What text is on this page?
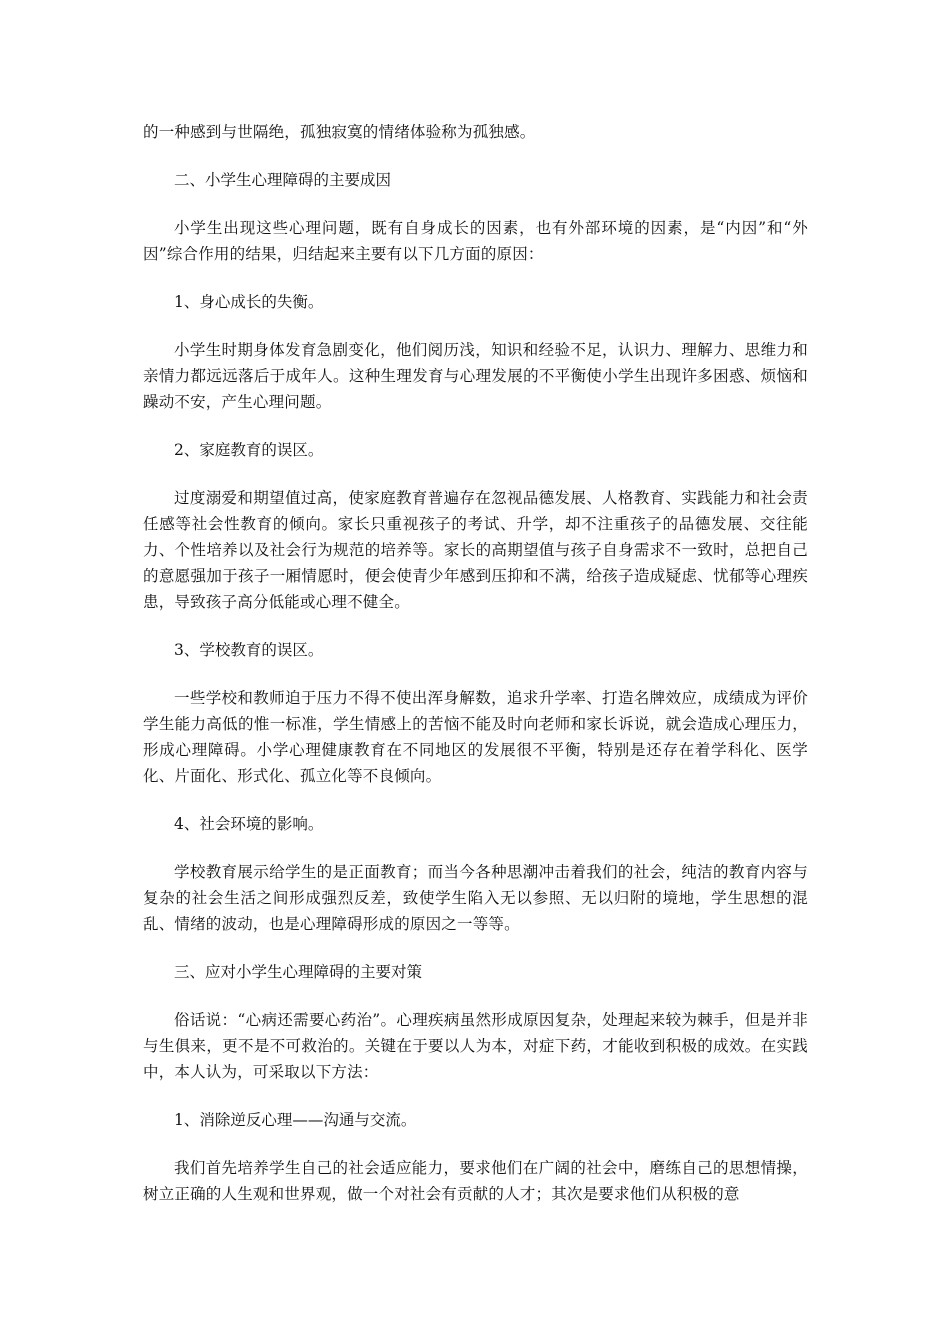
的一种感到与世隔绝，孤独寂寞的情绪体验称为孤独感。

二、小学生心理障碍的主要成因

小学生出现这些心理问题，既有自身成长的因素，也有外部环境的因素，是“内因”和“外因”综合作用的结果，归结起来主要有以下几方面的原因：

1、身心成长的失衡。

小学生时期身体发育急剧变化，他们阅历浅，知识和经验不足，认识力、理解力、思维力和亲情力都远远落后于成年人。这种生理发育与心理发展的不平衡使小学生出现许多困惑、烦恼和躁动不安，产生心理问题。

2、家庭教育的误区。

过度溺爱和期望值过高，使家庭教育普遍存在忽视品德发展、人格教育、实践能力和社会责任感等社会性教育的倾向。家长只重视孩子的考试、升学，却不注重孩子的品德发展、交往能力、个性培养以及社会行为规范的培养等。家长的高期望值与孩子自身需求不一致时，总把自己的意愿强加于孩子一厢情愿时，便会使青少年感到压抑和不满，给孩子造成疑虑、忧郁等心理疾患，导致孩子高分低能或心理不健全。

3、学校教育的误区。

一些学校和教师迫于压力不得不使出浑身解数，追求升学率、打造名牌效应，成绩成为评价学生能力高低的惟一标准，学生情感上的苦恼不能及时向老师和家长诉说，就会造成心理压力，形成心理障碍。小学心理健康教育在不同地区的发展很不平衡，特别是还存在着学科化、医学化、片面化、形式化、孤立化等不良倾向。

4、社会环境的影响。

学校教育展示给学生的是正面教育；而当今各种思潮冲击着我们的社会，纯洁的教育内容与复杂的社会生活之间形成强烈反差，致使学生陷入无以参照、无以归附的境地，学生思想的混乱、情绪的波动，也是心理障碍形成的原因之一等等。

三、应对小学生心理障碍的主要对策

俗话说：“心病还需要心药治”。心理疾病虽然形成原因复杂，处理起来较为棘手，但是并非与生俱来，更不是不可救治的。关键在于要以人为本，对症下药，才能收到积极的成效。在实践中，本人认为，可采取以下方法：

1、消除逆反心理——沟通与交流。

我们首先培养学生自己的社会适应能力，要求他们在广阔的社会中，磨练自己的思想情操，树立正确的人生观和世界观，做一个对社会有贡献的人才；其次是要求他们从积极的意
